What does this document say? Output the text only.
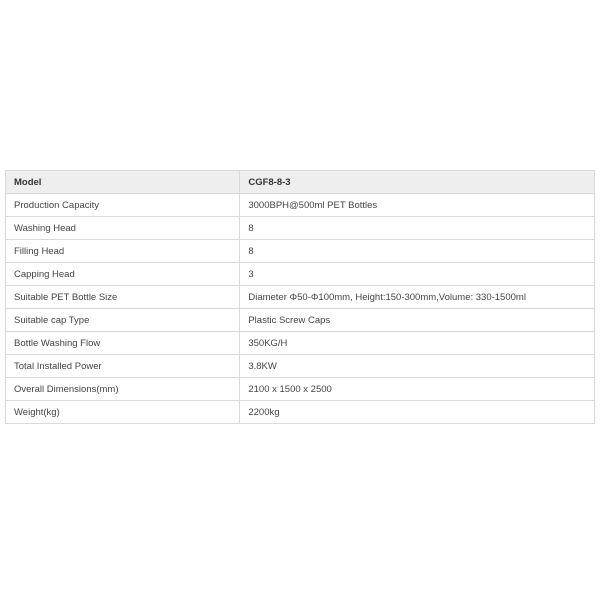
Model	CGF8-8-3
Production Capacity	3000BPH@500ml PET Bottles
Washing Head	8
Filling Head	8
Capping Head	3
Suitable PET Bottle Size	Diameter Φ50-Φ100mm, Height:150-300mm,Volume: 330-1500ml
Suitable cap Type	Plastic Screw Caps
Bottle Washing Flow	350KG/H
Total Installed Power	3.8KW
Overall Dimensions(mm)	2100 x 1500 x 2500
Weight(kg)	2200kg
